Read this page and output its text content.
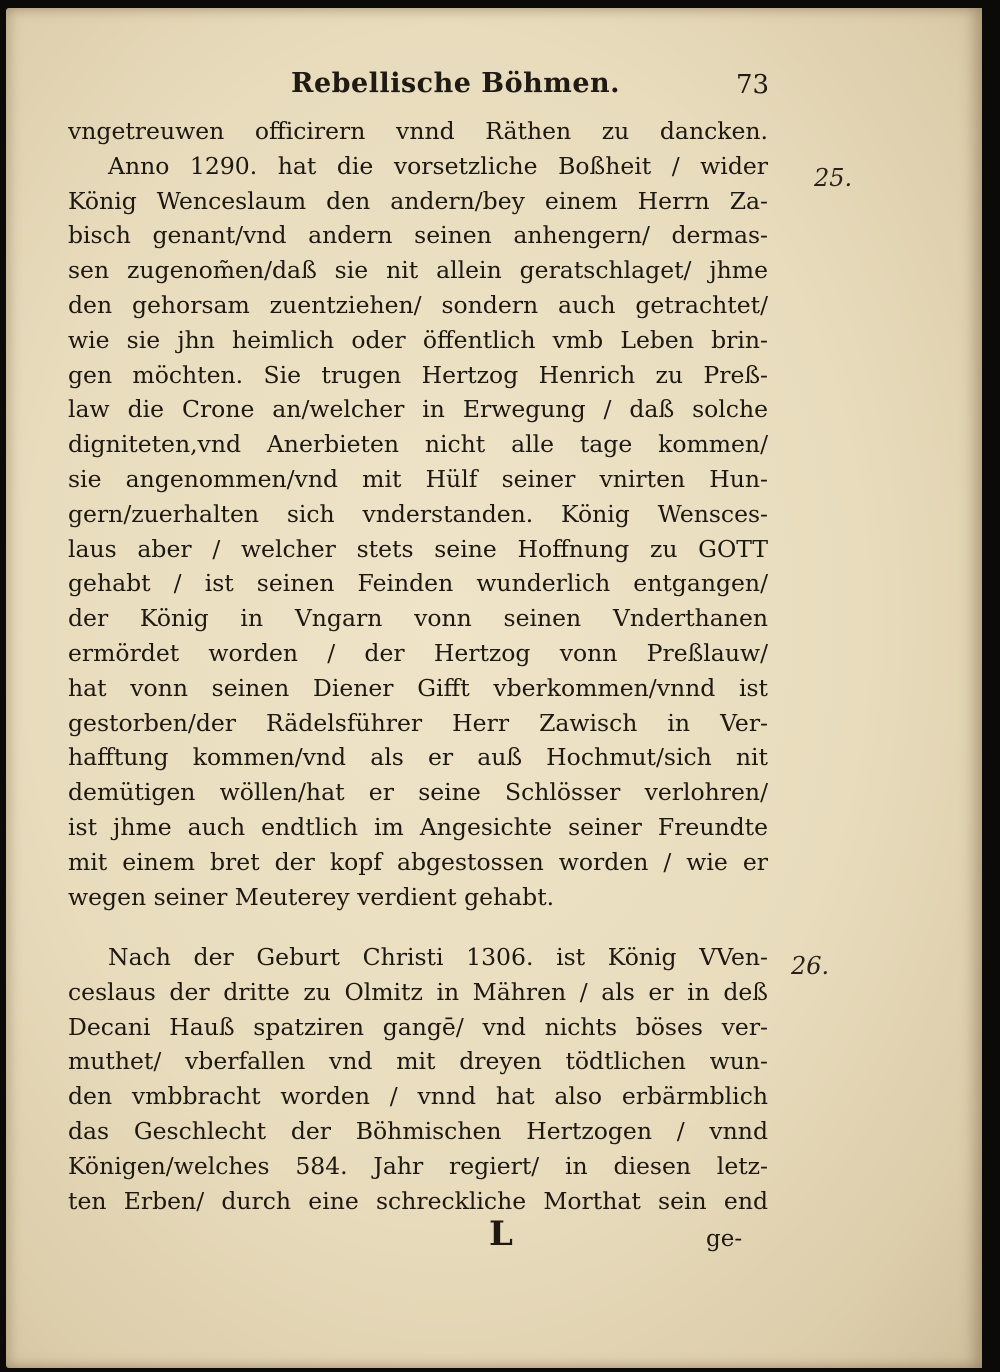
Rebellische Böhmen.	73
vngetreuwen officirern vnnd Räthen zu dancken.
Anno 1290. hat die vorsetzliche Boßheit / wider
König Wenceslaum den andern/bey einem Herrn Za-
bisch genant/vnd andern seinen anhengern/ dermas-
sen zugenom̃en/daß sie nit allein geratschlaget/ jhme
den gehorsam zuentziehen/ sondern auch getrachtet/
wie sie jhn heimlich oder öffentlich vmb Leben brin-
gen möchten. Sie trugen Hertzog Henrich zu Preß-
law die Crone an/welcher in Erwegung / daß solche
digniteten,vnd Anerbieten nicht alle tage kommen/
sie angenommen/vnd mit Hülf seiner vnirten Hun-
gern/zuerhalten sich vnderstanden. König Wensces-
laus aber / welcher stets seine Hoffnung zu GOTT
gehabt / ist seinen Feinden wunderlich entgangen/
der König in Vngarn vonn seinen Vnderthanen
ermördet worden / der Hertzog vonn Preßlauw/
hat vonn seinen Diener Gifft vberkommen/vnnd ist
gestorben/der Rädelsführer Herr Zawisch in Ver-
hafftung kommen/vnd als er auß Hochmut/sich nit
demütigen wöllen/hat er seine Schlösser verlohren/
ist jhme auch endtlich im Angesichte seiner Freundte
mit einem bret der kopf abgestossen worden / wie er
wegen seiner Meuterey verdient gehabt.
25.
Nach der Geburt Christi 1306. ist König VVen-
ceslaus der dritte zu Olmitz in Mähren / als er in deß
Decani Hauß spatziren gangē/ vnd nichts böses ver-
muthet/ vberfallen vnd mit dreyen tödtlichen wun-
den vmbbracht worden / vnnd hat also erbärmblich
das Geschlecht der Böhmischen Hertzogen / vnnd
Königen/welches 584. Jahr regiert/ in diesen letz-
ten Erben/ durch eine schreckliche Morthat sein end
26.
L	ge-
